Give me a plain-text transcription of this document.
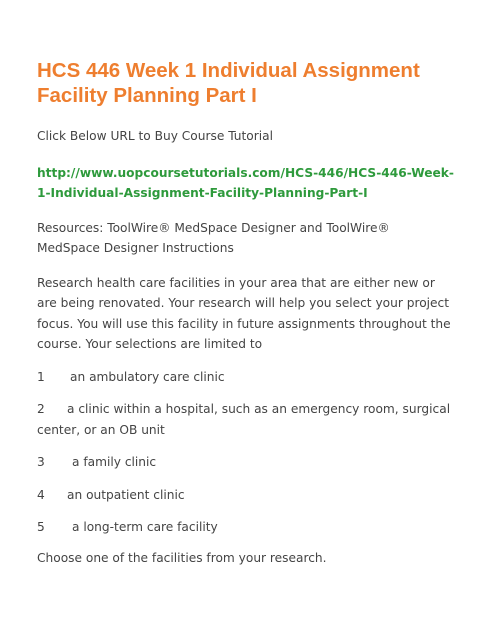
HCS 446 Week 1 Individual Assignment Facility Planning Part I

Click Below URL to Buy Course Tutorial

http://www.uopcoursetutorials.com/HCS-446/HCS-446-Week-1-Individual-Assignment-Facility-Planning-Part-I

Resources: ToolWire® MedSpace Designer and ToolWire® MedSpace Designer Instructions

Research health care facilities in your area that are either new or are being renovated. Your research will help you select your project focus. You will use this facility in future assignments throughout the course. Your selections are limited to

1 an ambulatory care clinic

2 a clinic within a hospital, such as an emergency room, surgical center, or an OB unit

3 a family clinic

4 an outpatient clinic

5 a long-term care facility

Choose one of the facilities from your research.
